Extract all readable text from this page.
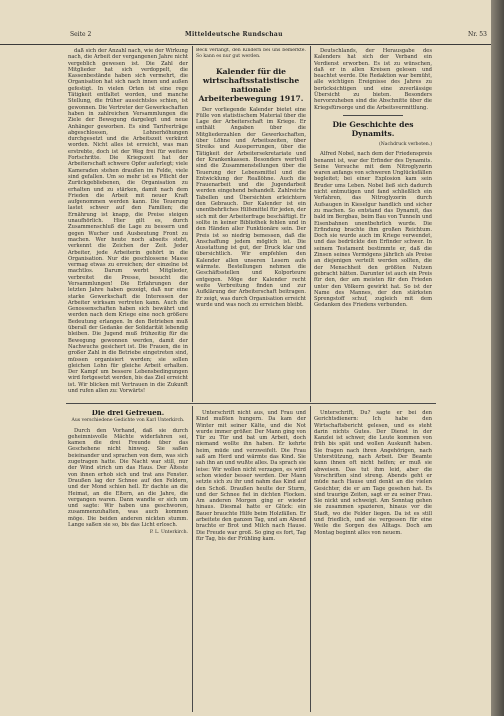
Seite 2	Mitteldeutsche Rundschau	Nr. 53

daß sich der Anzahl nach, wie der Wirkung nach, die Arbeit der vergangenen Jahre nicht vergeblich gewesen ist. Die Zahl der Mitglieder hat sich verdoppelt, die Kassenbestände haben sich vermehrt, die Organisation hat sich nach innen und außen gefestigt. In vielen Orten ist eine rege Tätigkeit entfaltet worden, und manche Stellung, die früher aussichtslos schien, ist gewonnen. Die Vertreter der Gewerkschaften haben in zahlreichen Versammlungen die Ziele der Bewegung dargelegt und neue Anhänger geworben. Es sind Tarifverträge abgeschlossen, Lohnerhöhungen durchgesetzt und die Arbeitszeit verkürzt worden. Nicht alles ist erreicht, was man erstrebte, doch ist der Weg frei für weitere Fortschritte. Die Kriegszeit hat der Arbeiterschaft schwere Opfer auferlegt; viele Kameraden stehen draußen im Felde, viele sind gefallen. Um so mehr ist es Pflicht der Zurückgebliebenen, die Organisation zu erhalten und zu stärken, damit nach dem Frieden die Arbeit mit neuer Kraft aufgenommen werden kann. Die Teuerung lastet schwer auf den Familien; die Ernährung ist knapp, die Preise steigen unaufhörlich. Hier gilt es, durch Zusammenschluß die Lage zu bessern und gegen Wucher und Ausbeutung Front zu machen. Wer heute noch abseits steht, verkennt die Zeichen der Zeit. Jeder Arbeiter, jede Arbeiterin gehört in die Organisation. Nur die geschlossene Masse vermag etwas zu erreichen; der einzelne ist machtlos. Darum werbt Mitglieder, verbreitet die Presse, besucht die Versammlungen! Die Erfahrungen der letzten Jahre haben gezeigt, daß nur eine starke Gewerkschaft die Interessen der Arbeiter wirksam vertreten kann. Auch die Genossenschaften haben sich bewährt und werden nach dem Kriege eine noch größere Bedeutung erlangen. In den Betrieben muß überall der Gedanke der Solidarität lebendig bleiben. Die Jugend muß frühzeitig für die Bewegung gewonnen werden, damit der Nachwuchs gesichert ist. Die Frauen, die in großer Zahl in die Betriebe eingetreten sind, müssen organisiert werden; sie sollen gleichen Lohn für gleiche Arbeit erhalten. Der Kampf um bessere Lebensbedingungen wird fortgesetzt werden, bis das Ziel erreicht ist. Wir blicken mit Vertrauen in die Zukunft und rufen allen zu: Vorwärts!

Beck verlangt, den Kindern bei uns bemerkte. So kann es nur gut werden.

Kalender für die wirtschaftsstatistische nationale Arbeiterbewegung 1917.

Der vorliegende Kalender bietet eine Fülle von statistischem Material über die Lage der Arbeiterschaft im Kriege. Er enthält Angaben über die Mitgliederzahlen der Gewerkschaften, über Löhne und Arbeitszeiten, über Streiks und Aussperrungen, über die Tätigkeit der Arbeitersekretariate und der Krankenkassen. Besonders wertvoll sind die Zusammenstellungen über die Teuerung der Lebensmittel und die Entwicklung der Reallöhne. Auch die Frauenarbeit und die Jugendarbeit werden eingehend behandelt. Zahlreiche Tabellen und Übersichten erleichtern den Gebrauch. Der Kalender ist ein unentbehrliches Hilfsmittel für jeden, der sich mit der Arbeiterfrage beschäftigt. Er sollte in keiner Bibliothek fehlen und in den Händen aller Funktionäre sein. Der Preis ist so niedrig bemessen, daß die Anschaffung jedem möglich ist. Die Ausstattung ist gut, der Druck klar und übersichtlich. Wir empfehlen den Kalender allen unseren Lesern aufs wärmste. Bestellungen nehmen die Geschäftsstellen und Kolporteure entgegen. Möge der Kalender recht weite Verbreitung finden und zur Aufklärung der Arbeiterschaft beitragen. Er zeigt, was durch Organisation erreicht wurde und was noch zu erreichen bleibt.

Deutschlands, der Herausgabe des Kalenders hat sich der Verband ein Verdienst erworben. Es ist zu wünschen, daß er in allen Kreisen gelesen und beachtet werde. Die Redaktion war bemüht, alle wichtigen Ereignisse des Jahres zu berücksichtigen und eine zuverlässige Übersicht zu bieten. Besonders hervorzuheben sind die Abschnitte über die Kriegsfürsorge und die Arbeitsvermittlung.

Die Geschichte des Dynamits.
(Nachdruck verboten.)

Alfred Nobel, nach dem der Friedenspreis benannt ist, war der Erfinder des Dynamits. Seine Versuche mit dem Nitroglyzerin waren anfangs von schweren Unglücksfällen begleitet; bei einer Explosion kam sein Bruder ums Leben. Nobel ließ sich dadurch nicht entmutigen und fand schließlich ein Verfahren, das Nitroglyzerin durch Aufsaugen in Kieselgur handlich und sicher zu machen. So entstand das Dynamit, das bald im Bergbau, beim Bau von Tunneln und Eisenbahnen unentbehrlich wurde. Die Erfindung brachte ihm großen Reichtum. Doch sie wurde auch im Kriege verwendet, und das bedrückte den Erfinder schwer. In seinem Testament bestimmte er, daß die Zinsen seines Vermögens jährlich als Preise an diejenigen verteilt werden sollten, die der Menschheit den größten Nutzen gebracht hätten. Darunter ist auch ein Preis für den, der am meisten für den Frieden unter den Völkern gewirkt hat. So ist der Name des Mannes, der den stärksten Sprengstoff schuf, zugleich mit dem Gedanken des Friedens verbunden.

Die drei Gefreuen.
Aus verschiedene Gedichte von Karl Unterkirch.

Durch den Vorhand, daß sie durch geheimnisvolle Mächte widerfahren sei, kamen die drei Freunde über das Geschehene nicht hinweg. Sie saßen beieinander und sprachen von dem, was sich zugetragen hatte. Die Nacht war still, nur der Wind strich um das Haus. Der Älteste von ihnen erhob sich und trat ans Fenster. Draußen lag der Schnee auf den Feldern, und der Mond schien hell. Er dachte an die Heimat, an die Eltern, an die Jahre, die vergangen waren. Dann wandte er sich um und sagte: Wir haben uns geschworen, zusammenzuhalten, was auch kommen möge. Die beiden anderen nickten stumm. Lange saßen sie so, bis das Licht erlosch.

P. L. Unterkirch.

Unterschrift nicht aus, und Frau und Kind mußten hungern. Da kam der Winter mit seiner Kälte, und die Not wurde immer größer. Der Mann ging von Tür zu Tür und bat um Arbeit, doch niemand wollte ihn haben. Er kehrte heim, müde und verzweifelt. Die Frau saß am Herd und wärmte das Kind. Sie sah ihn an und wußte alles. Da sprach sie leise: Wir wollen nicht verzagen, es wird schon wieder besser werden. Der Mann setzte sich zu ihr und nahm das Kind auf den Schoß. Draußen heulte der Sturm, und der Schnee fiel in dichten Flocken. Am anderen Morgen ging er wieder hinaus. Diesmal hatte er Glück: ein Bauer brauchte Hilfe beim Holzfällen. Er arbeitete den ganzen Tag, und am Abend brachte er Brot und Milch nach Hause. Die Freude war groß. So ging es fort, Tag für Tag, bis der Frühling kam.

Unterschrift, Du? sagte er bei den Gerichtsdienern: Ich habe den Wirtschaftsbericht gelesen, und es steht darin nichts Gutes. Der Dienst in der Kanzlei ist schwer, die Leute kommen von früh bis spät und wollen Auskunft haben. Sie fragen nach ihren Angehörigen, nach Unterstützung, nach Arbeit. Der Beamte kann ihnen oft nicht helfen; er muß sie abweisen. Das tut ihm leid, aber die Vorschriften sind streng. Abends geht er müde nach Hause und denkt an die vielen Gesichter, die er am Tage gesehen hat. Es sind traurige Zeiten, sagt er zu seiner Frau. Sie nickt und schweigt. Am Sonntag gehen sie zusammen spazieren, hinaus vor die Stadt, wo die Felder liegen. Da ist es still und friedlich, und sie vergessen für eine Weile die Sorgen des Alltags. Doch am Montag beginnt alles von neuem.
